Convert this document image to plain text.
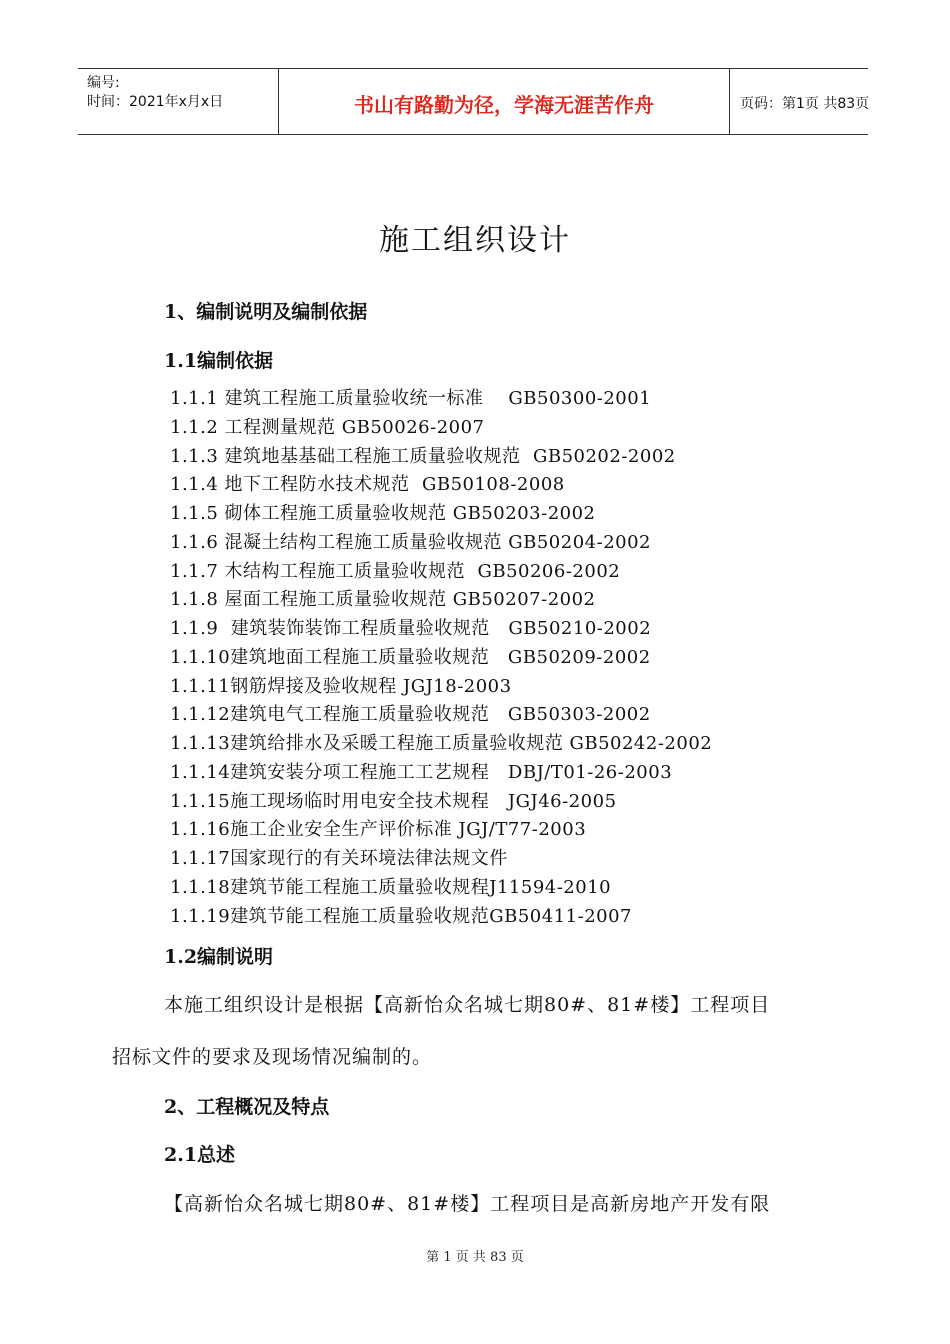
编号:
时间：2021年x月x日	书山有路勤为径，学海无涯苦作舟	页码：第1页 共83页
施工组织设计
1、编制说明及编制依据
1.1编制依据
1.1.1 建筑工程施工质量验收统一标准    GB50300-2001
1.1.2 工程测量规范 GB50026-2007
1.1.3 建筑地基基础工程施工质量验收规范  GB50202-2002
1.1.4 地下工程防水技术规范  GB50108-2008
1.1.5 砌体工程施工质量验收规范 GB50203-2002
1.1.6 混凝土结构工程施工质量验收规范 GB50204-2002
1.1.7 木结构工程施工质量验收规范  GB50206-2002
1.1.8 屋面工程施工质量验收规范 GB50207-2002
1.1.9  建筑装饰装饰工程质量验收规范   GB50210-2002
1.1.10建筑地面工程施工质量验收规范   GB50209-2002
1.1.11钢筋焊接及验收规程 JGJ18-2003
1.1.12建筑电气工程施工质量验收规范   GB50303-2002
1.1.13建筑给排水及采暖工程施工质量验收规范 GB50242-2002
1.1.14建筑安装分项工程施工工艺规程   DBJ/T01-26-2003
1.1.15施工现场临时用电安全技术规程   JGJ46-2005
1.1.16施工企业安全生产评价标准 JGJ/T77-2003
1.1.17国家现行的有关环境法律法规文件
1.1.18建筑节能工程施工质量验收规程J11594-2010
1.1.19建筑节能工程施工质量验收规范GB50411-2007
1.2编制说明
本施工组织设计是根据【高新怡众名城七期80#、81#楼】工程项目
招标文件的要求及现场情况编制的。
2、工程概况及特点
2.1总述
【高新怡众名城七期80#、81#楼】工程项目是高新房地产开发有限
第 1 页 共 83 页
